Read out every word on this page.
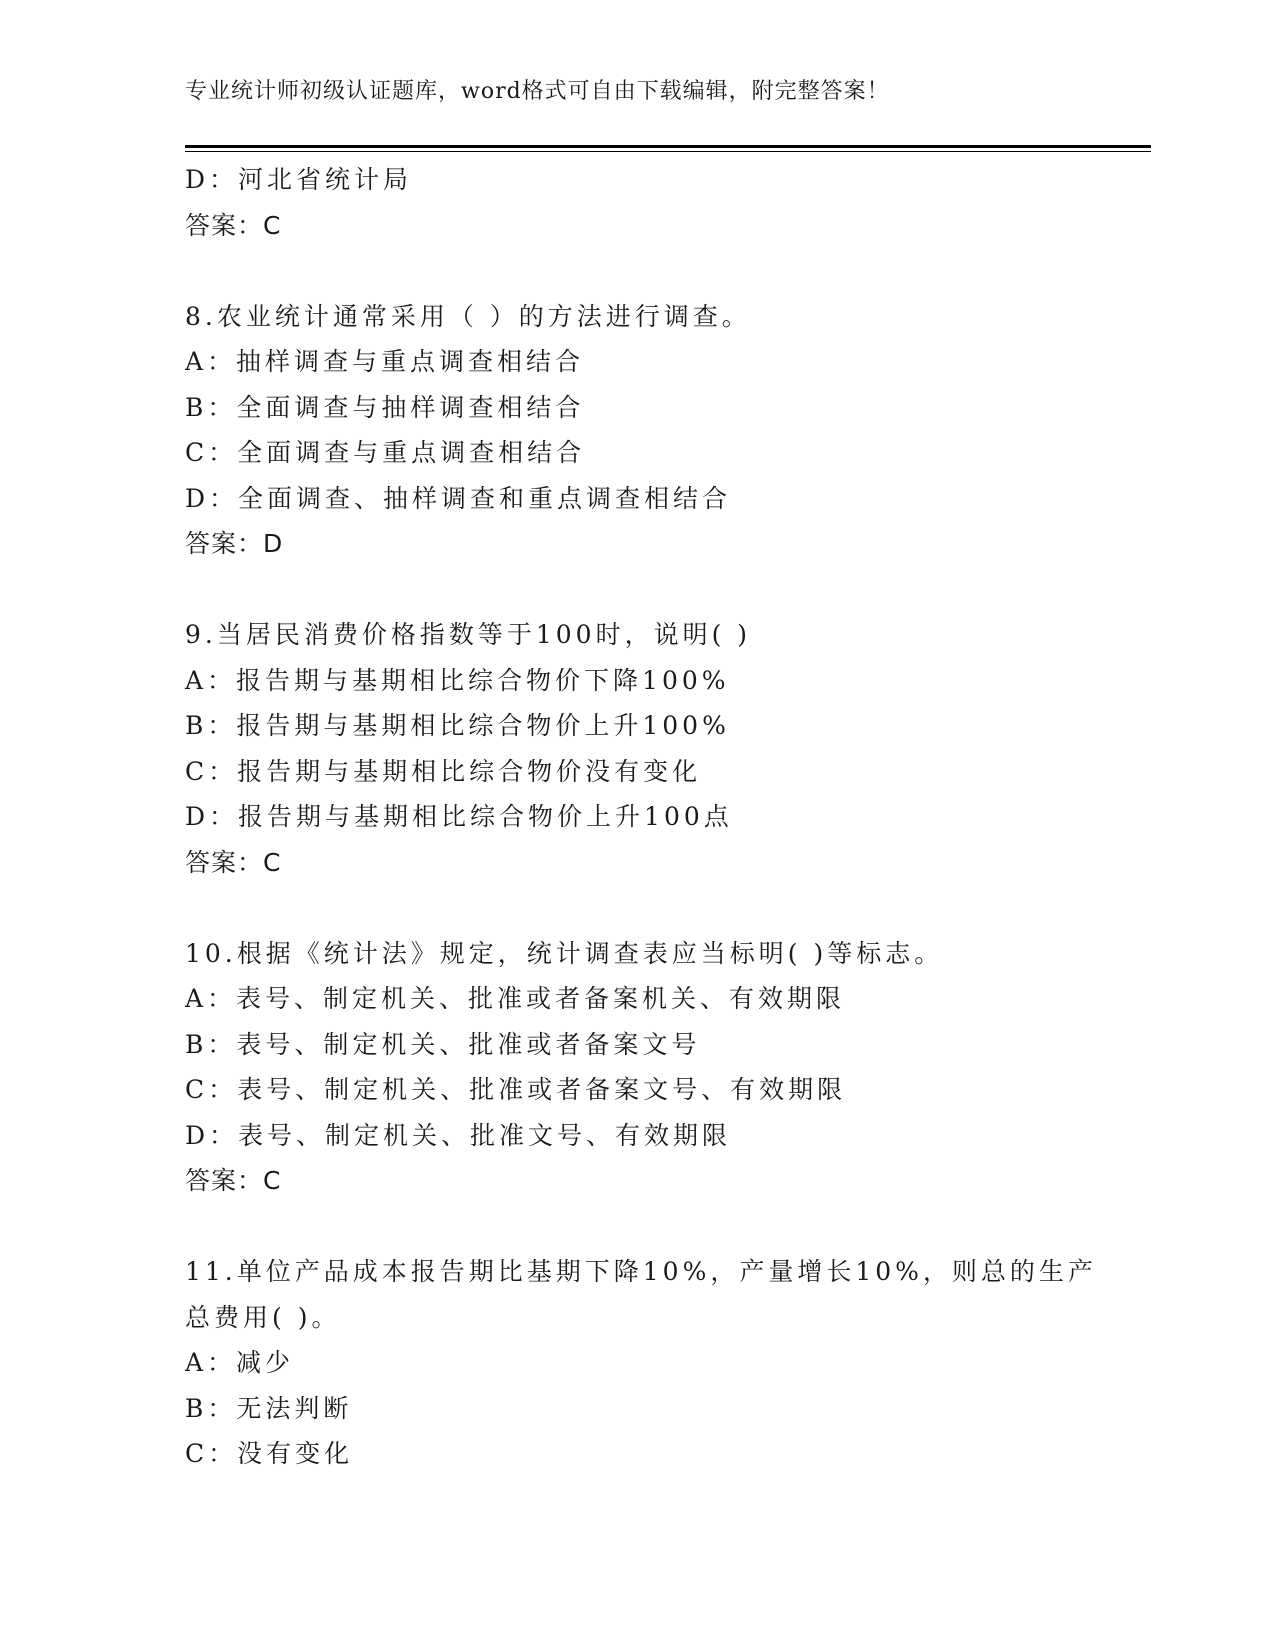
专业统计师初级认证题库，word格式可自由下载编辑，附完整答案！
D：河北省统计局
答案：C
8.农业统计通常采用（ ）的方法进行调查。
A：抽样调查与重点调查相结合
B：全面调查与抽样调查相结合
C：全面调查与重点调查相结合
D：全面调查、抽样调查和重点调查相结合
答案：D
9.当居民消费价格指数等于100时，说明( )
A：报告期与基期相比综合物价下降100%
B：报告期与基期相比综合物价上升100%
C：报告期与基期相比综合物价没有变化
D：报告期与基期相比综合物价上升100点
答案：C
10.根据《统计法》规定，统计调查表应当标明( )等标志。
A：表号、制定机关、批准或者备案机关、有效期限
B：表号、制定机关、批准或者备案文号
C：表号、制定机关、批准或者备案文号、有效期限
D：表号、制定机关、批准文号、有效期限
答案：C
11.单位产品成本报告期比基期下降10%，产量增长10%，则总的生产
总费用( )。
A：减少
B：无法判断
C：没有变化
